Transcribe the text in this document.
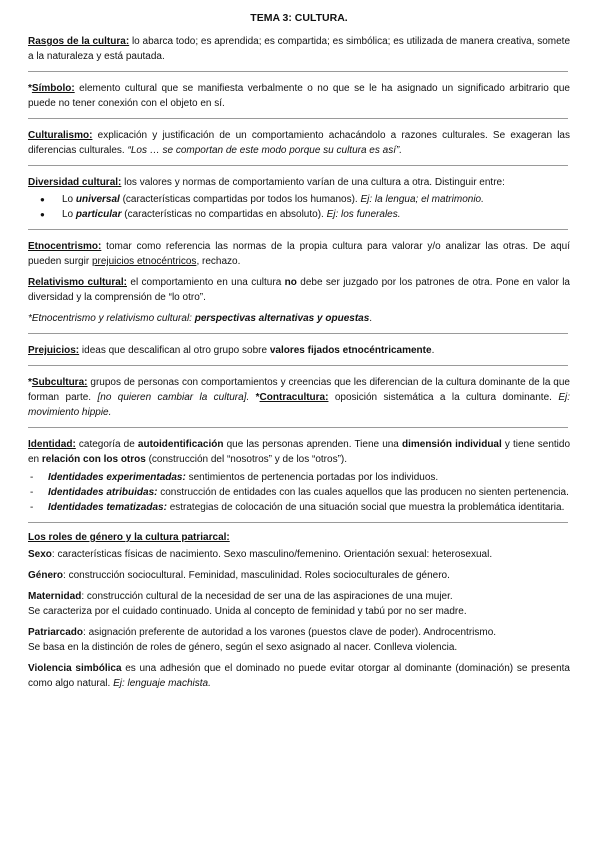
TEMA 3: CULTURA.

Rasgos de la cultura: lo abarca todo; es aprendida; es compartida; es simbólica; es utilizada de manera creativa, somete a la naturaleza y está pautada.

*Símbolo: elemento cultural que se manifiesta verbalmente o no que se le ha asignado un significado arbitrario que puede no tener conexión con el objeto en sí.

Culturalismo: explicación y justificación de un comportamiento achacándolo a razones culturales. Se exageran las diferencias culturales. “Los … se comportan de este modo porque su cultura es así”.

Diversidad cultural: los valores y normas de comportamiento varían de una cultura a otra. Distinguir entre:

● Lo universal (características compartidas por todos los humanos). Ej: la lengua; el matrimonio.
● Lo particular (características no compartidas en absoluto). Ej: los funerales.

Etnocentrismo: tomar como referencia las normas de la propia cultura para valorar y/o analizar las otras. De aquí pueden surgir prejuicios etnocéntricos, rechazo.

Relativismo cultural: el comportamiento en una cultura no debe ser juzgado por los patrones de otra. Pone en valor la diversidad y la comprensión de “lo otro”.

*Etnocentrismo y relativismo cultural: perspectivas alternativas y opuestas.

Prejuicios: ideas que descalifican al otro grupo sobre valores fijados etnocéntricamente.

*Subcultura: grupos de personas con comportamientos y creencias que les diferencian de la cultura dominante de la que forman parte. [no quieren cambiar la cultura]. *Contracultura: oposición sistemática a la cultura dominante. Ej: movimiento hippie.

Identidad: categoría de autoidentificación que las personas aprenden. Tiene una dimensión individual y tiene sentido en relación con los otros (construcción del “nosotros” y de los “otros”).

- Identidades experimentadas: sentimientos de pertenencia portadas por los individuos.
- Identidades atribuidas: construcción de entidades con las cuales aquellos que las producen no sienten pertenencia.
- Identidades tematizadas: estrategias de colocación de una situación social que muestra la problemática identitaria.
Los roles de género y la cultura patriarcal:

Sexo: características físicas de nacimiento. Sexo masculino/femenino. Orientación sexual: heterosexual.

Género: construcción sociocultural. Feminidad, masculinidad. Roles socioculturales de género.

Maternidad: construcción cultural de la necesidad de ser una de las aspiraciones de una mujer.

Se caracteriza por el cuidado continuado. Unida al concepto de feminidad y tabú por no ser madre.

Patriarcado: asignación preferente de autoridad a los varones (puestos clave de poder). Androcentrismo.

Se basa en la distinción de roles de género, según el sexo asignado al nacer. Conlleva violencia.

Violencia simbólica es una adhesión que el dominado no puede evitar otorgar al dominante (dominación) se presenta como algo natural. Ej: lenguaje machista.
